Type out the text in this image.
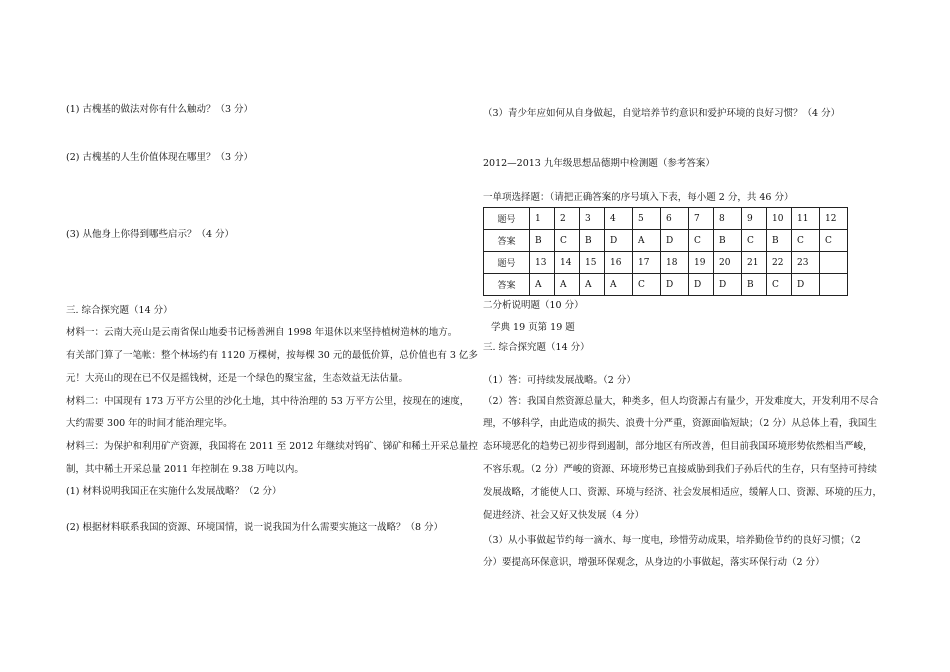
(1) 古槐基的做法对你有什么触动？（3 分）
(2) 古槐基的人生价值体现在哪里？（3 分）
(3) 从他身上你得到哪些启示？（4 分）
三. 综合探究题（14 分）
材料一：云南大亮山是云南省保山地委书记杨善洲自 1998 年退休以来坚持植树造林的地方。
有关部门算了一笔帐：整个林场约有 1120 万棵树，按每棵 30 元的最低价算，总价值也有 3 亿多
元！大亮山的现在已不仅是摇钱树，还是一个绿色的聚宝盆，生态效益无法估量。
材料二：中国现有 173 万平方公里的沙化土地，其中待治理的 53 万平方公里，按现在的速度，
大约需要 300 年的时间才能治理完毕。
材料三：为保护和利用矿产资源，我国将在 2011 至 2012 年继续对钨矿、锑矿和稀土开采总量控
制，其中稀土开采总量 2011 年控制在 9.38 万吨以内。
(1) 材料说明我国正在实施什么发展战略？（2 分）
(2) 根据材料联系我国的资源、环境国情，说一说我国为什么需要实施这一战略？（8 分）
（3）青少年应如何从自身做起，自觉培养节约意识和爱护环境的良好习惯？（4 分）
2012—2013 九年级思想品德期中检测题（参考答案）
一单项选择题：（请把正确答案的序号填入下表，每小题 2 分，共 46 分）
题号	1	2	3	4	5	6	7	8	9	10	11	12
答案	B	C	B	D	A	D	C	B	C	B	C	C
题号	13	14	15	16	17	18	19	20	21	22	23	
答案	A	A	A	A	C	D	D	D	B	C	D	
二分析说明题（10 分）
学典 19 页第 19 题
三. 综合探究题（14 分）
（1）答：可持续发展战略。（2 分）
（2）答：我国自然资源总量大，种类多，但人均资源占有量少，开发难度大，开发利用不尽合
理，不够科学，由此造成的损失、浪费十分严重，资源面临短缺；（2 分）从总体上看，我国生
态环境恶化的趋势已初步得到遏制，部分地区有所改善，但目前我国环境形势依然相当严峻，
不容乐观。（2 分）严峻的资源、环境形势已直接威胁到我们子孙后代的生存，只有坚持可持续
发展战略，才能使人口、资源、环境与经济、社会发展相适应，缓解人口、资源、环境的压力，
促进经济、社会又好又快发展（4 分）
（3）从小事做起节约每一滴水、每一度电，珍惜劳动成果，培养勤俭节约的良好习惯；（2
分）要提高环保意识，增强环保观念，从身边的小事做起，落实环保行动（2 分）
